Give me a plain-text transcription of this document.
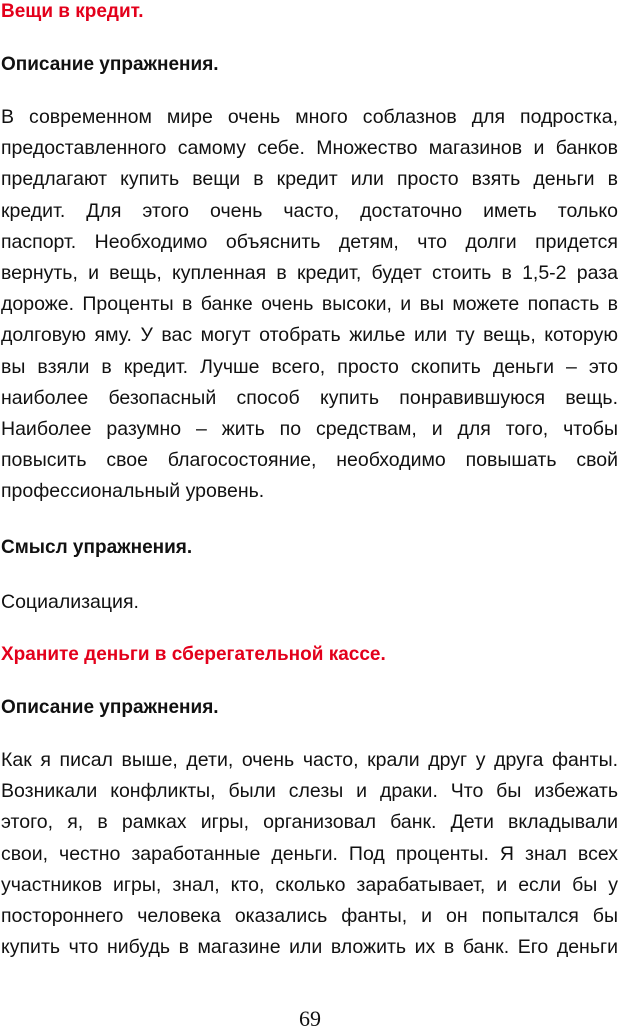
Вещи в кредит.
Описание упражнения.
В современном мире очень много соблазнов для подростка,
предоставленного самому себе. Множество магазинов и банков
предлагают купить вещи в кредит или просто взять деньги в
кредит. Для этого очень часто, достаточно иметь только
паспорт. Необходимо объяснить детям, что долги придется
вернуть, и вещь, купленная в кредит, будет стоить в 1,5-2 раза
дороже. Проценты в банке очень высоки, и вы можете попасть в
долговую яму. У вас могут отобрать жилье или ту вещь, которую
вы взяли в кредит. Лучше всего, просто скопить деньги – это
наиболее безопасный способ купить понравившуюся вещь.
Наиболее разумно – жить по средствам, и для того, чтобы
повысить свое благосостояние, необходимо повышать свой
профессиональный уровень.
Смысл упражнения.
Социализация.
Храните деньги в сберегательной кассе.
Описание упражнения.
Как я писал выше, дети, очень часто, крали друг у друга фанты.
Возникали конфликты, были слезы и драки. Что бы избежать
этого, я, в рамках игры, организовал банк. Дети вкладывали
свои, честно заработанные деньги. Под проценты. Я знал всех
участников игры, знал, кто, сколько зарабатывает, и если бы у
постороннего человека оказались фанты, и он попытался бы
купить что нибудь в магазине или вложить их в банк. Его деньги
69
